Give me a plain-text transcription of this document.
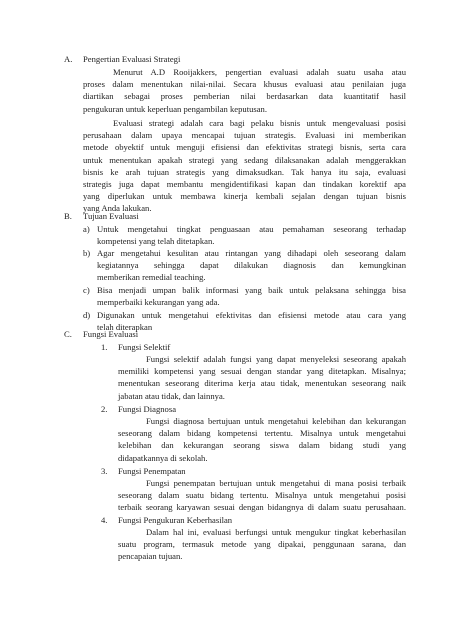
A. Pengertian Evaluasi Strategi
Menurut A.D Rooijakkers, pengertian evaluasi adalah suatu usaha atau
proses dalam menentukan nilai-nilai. Secara khusus evaluasi atau penilaian juga
diartikan sebagai proses pemberian nilai berdasarkan data kuantitatif hasil
pengukuran untuk keperluan pengambilan keputusan.
Evaluasi strategi adalah cara bagi pelaku bisnis untuk mengevaluasi posisi
perusahaan dalam upaya mencapai tujuan strategis. Evaluasi ini memberikan
metode obyektif untuk menguji efisiensi dan efektivitas strategi bisnis, serta cara
untuk menentukan apakah strategi yang sedang dilaksanakan adalah menggerakkan
bisnis ke arah tujuan strategis yang dimaksudkan. Tak hanya itu saja, evaluasi
strategis juga dapat membantu mengidentifikasi kapan dan tindakan korektif apa
yang diperlukan untuk membawa kinerja kembali sejalan dengan tujuan bisnis
yang Anda lakukan.
B. Tujuan Evaluasi
a) Untuk mengetahui tingkat penguasaan atau pemahaman seseorang terhadap
kompetensi yang telah ditetapkan.
b) Agar mengetahui kesulitan atau rintangan yang dihadapi oleh seseorang dalam
kegiatannya sehingga dapat dilakukan diagnosis dan kemungkinan
memberikan remedial teaching.
c) Bisa menjadi umpan balik informasi yang baik untuk pelaksana sehingga bisa
memperbaiki kekurangan yang ada.
d) Digunakan untuk mengetahui efektivitas dan efisiensi metode atau cara yang
telah diterapkan
C. Fungsi Evaluasi
1. Fungsi Selektif
Fungsi selektif adalah fungsi yang dapat menyeleksi seseorang apakah
memiliki kompetensi yang sesuai dengan standar yang ditetapkan. Misalnya;
menentukan seseorang diterima kerja atau tidak, menentukan seseorang naik
jabatan atau tidak, dan lainnya.
2. Fungsi Diagnosa
Fungsi diagnosa bertujuan untuk mengetahui kelebihan dan kekurangan
seseorang dalam bidang kompetensi tertentu. Misalnya untuk mengetahui
kelebihan dan kekurangan seorang siswa dalam bidang studi yang
didapatkannya di sekolah.
3. Fungsi Penempatan
Fungsi penempatan bertujuan untuk mengetahui di mana posisi terbaik
seseorang dalam suatu bidang tertentu. Misalnya untuk mengetahui posisi
terbaik seorang karyawan sesuai dengan bidangnya di dalam suatu perusahaan.
4. Fungsi Pengukuran Keberhasilan
Dalam hal ini, evaluasi berfungsi untuk mengukur tingkat keberhasilan
suatu program, termasuk metode yang dipakai, penggunaan sarana, dan
pencapaian tujuan.
